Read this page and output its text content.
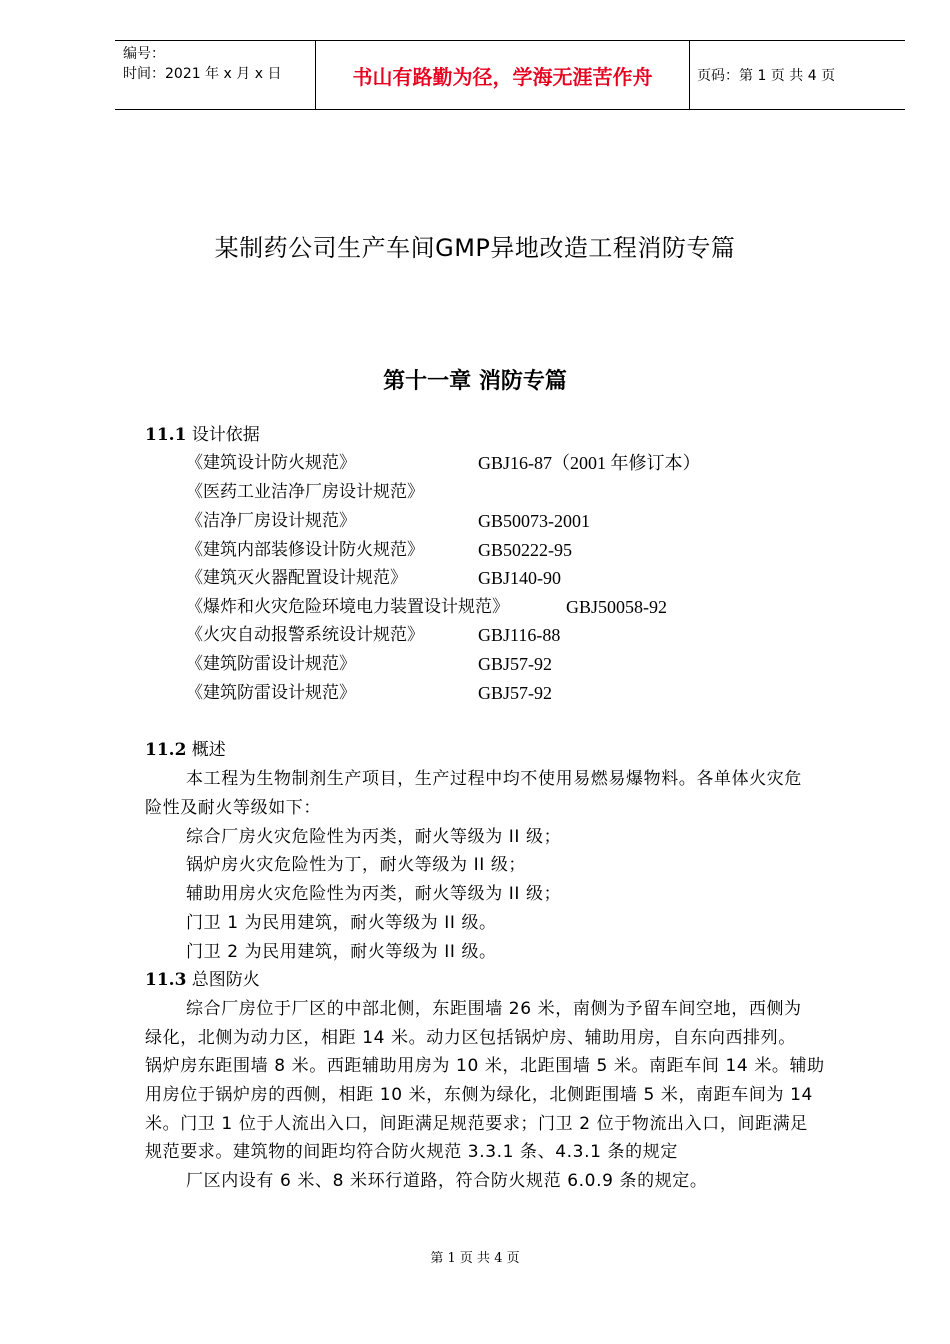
编号：
时间：2021 年 x 月 x 日	书山有路勤为径，学海无涯苦作舟	页码：第 1 页 共 4 页
某制药公司生产车间GMP异地改造工程消防专篇
第十一章 消防专篇
11.1 设计依据
《建筑设计防火规范》	GBJ16-87（2001 年修订本）
《医药工业洁净厂房设计规范》
《洁净厂房设计规范》	GB50073-2001
《建筑内部装修设计防火规范》	GB50222-95
《建筑灭火器配置设计规范》	GBJ140-90
《爆炸和火灾危险环境电力装置设计规范》	GBJ50058-92
《火灾自动报警系统设计规范》	GBJ116-88
《建筑防雷设计规范》	GBJ57-92
《建筑防雷设计规范》	GBJ57-92
11.2 概述
本工程为生物制剂生产项目，生产过程中均不使用易燃易爆物料。各单体火灾危
险性及耐火等级如下：
综合厂房火灾危险性为丙类，耐火等级为 II 级；
锅炉房火灾危险性为丁，耐火等级为 II 级；
辅助用房火灾危险性为丙类，耐火等级为 II 级；
门卫 1 为民用建筑，耐火等级为 II 级。
门卫 2 为民用建筑，耐火等级为 II 级。
11.3 总图防火
综合厂房位于厂区的中部北侧，东距围墙 26 米，南侧为予留车间空地，西侧为
绿化，北侧为动力区，相距 14 米。动力区包括锅炉房、辅助用房，自东向西排列。
锅炉房东距围墙 8 米。西距辅助用房为 10 米，北距围墙 5 米。南距车间 14 米。辅助
用房位于锅炉房的西侧，相距 10 米，东侧为绿化，北侧距围墙 5 米，南距车间为 14
米。门卫 1 位于人流出入口，间距满足规范要求；门卫 2 位于物流出入口，间距满足
规范要求。建筑物的间距均符合防火规范 3.3.1 条、4.3.1 条的规定
厂区内设有 6 米、8 米环行道路，符合防火规范 6.0.9 条的规定。
第 1 页 共 4 页
